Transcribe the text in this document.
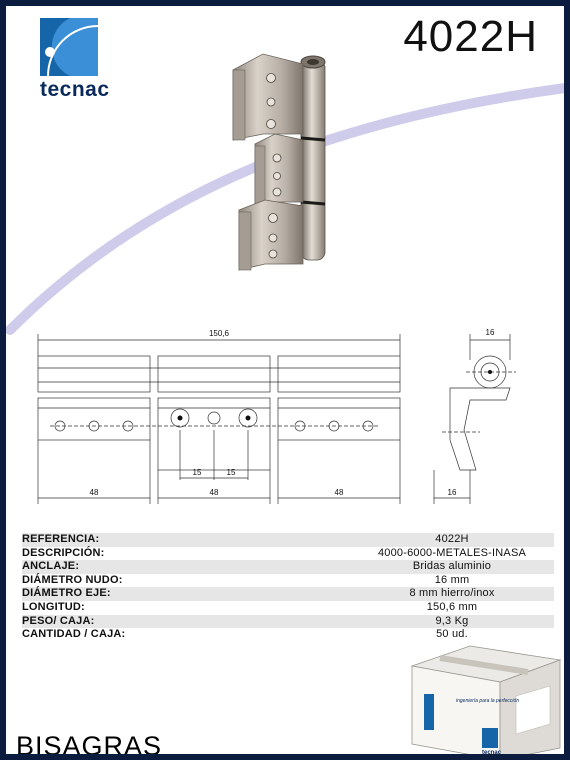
tecnac
4022H
150,6	16
48	48	48
15	15
16
REFERENCIA:	4022H
DESCRIPCIÓN:	4000-6000-METALES-INASA
ANCLAJE:	Bridas aluminio
DIÁMETRO NUDO:	16 mm
DIÁMETRO EJE:	8 mm hierro/inox
LONGITUD:	150,6 mm
PESO/ CAJA:	9,3 Kg
CANTIDAD / CAJA:	50 ud.
ingeniería para la perfección
tecnac
BISAGRAS
